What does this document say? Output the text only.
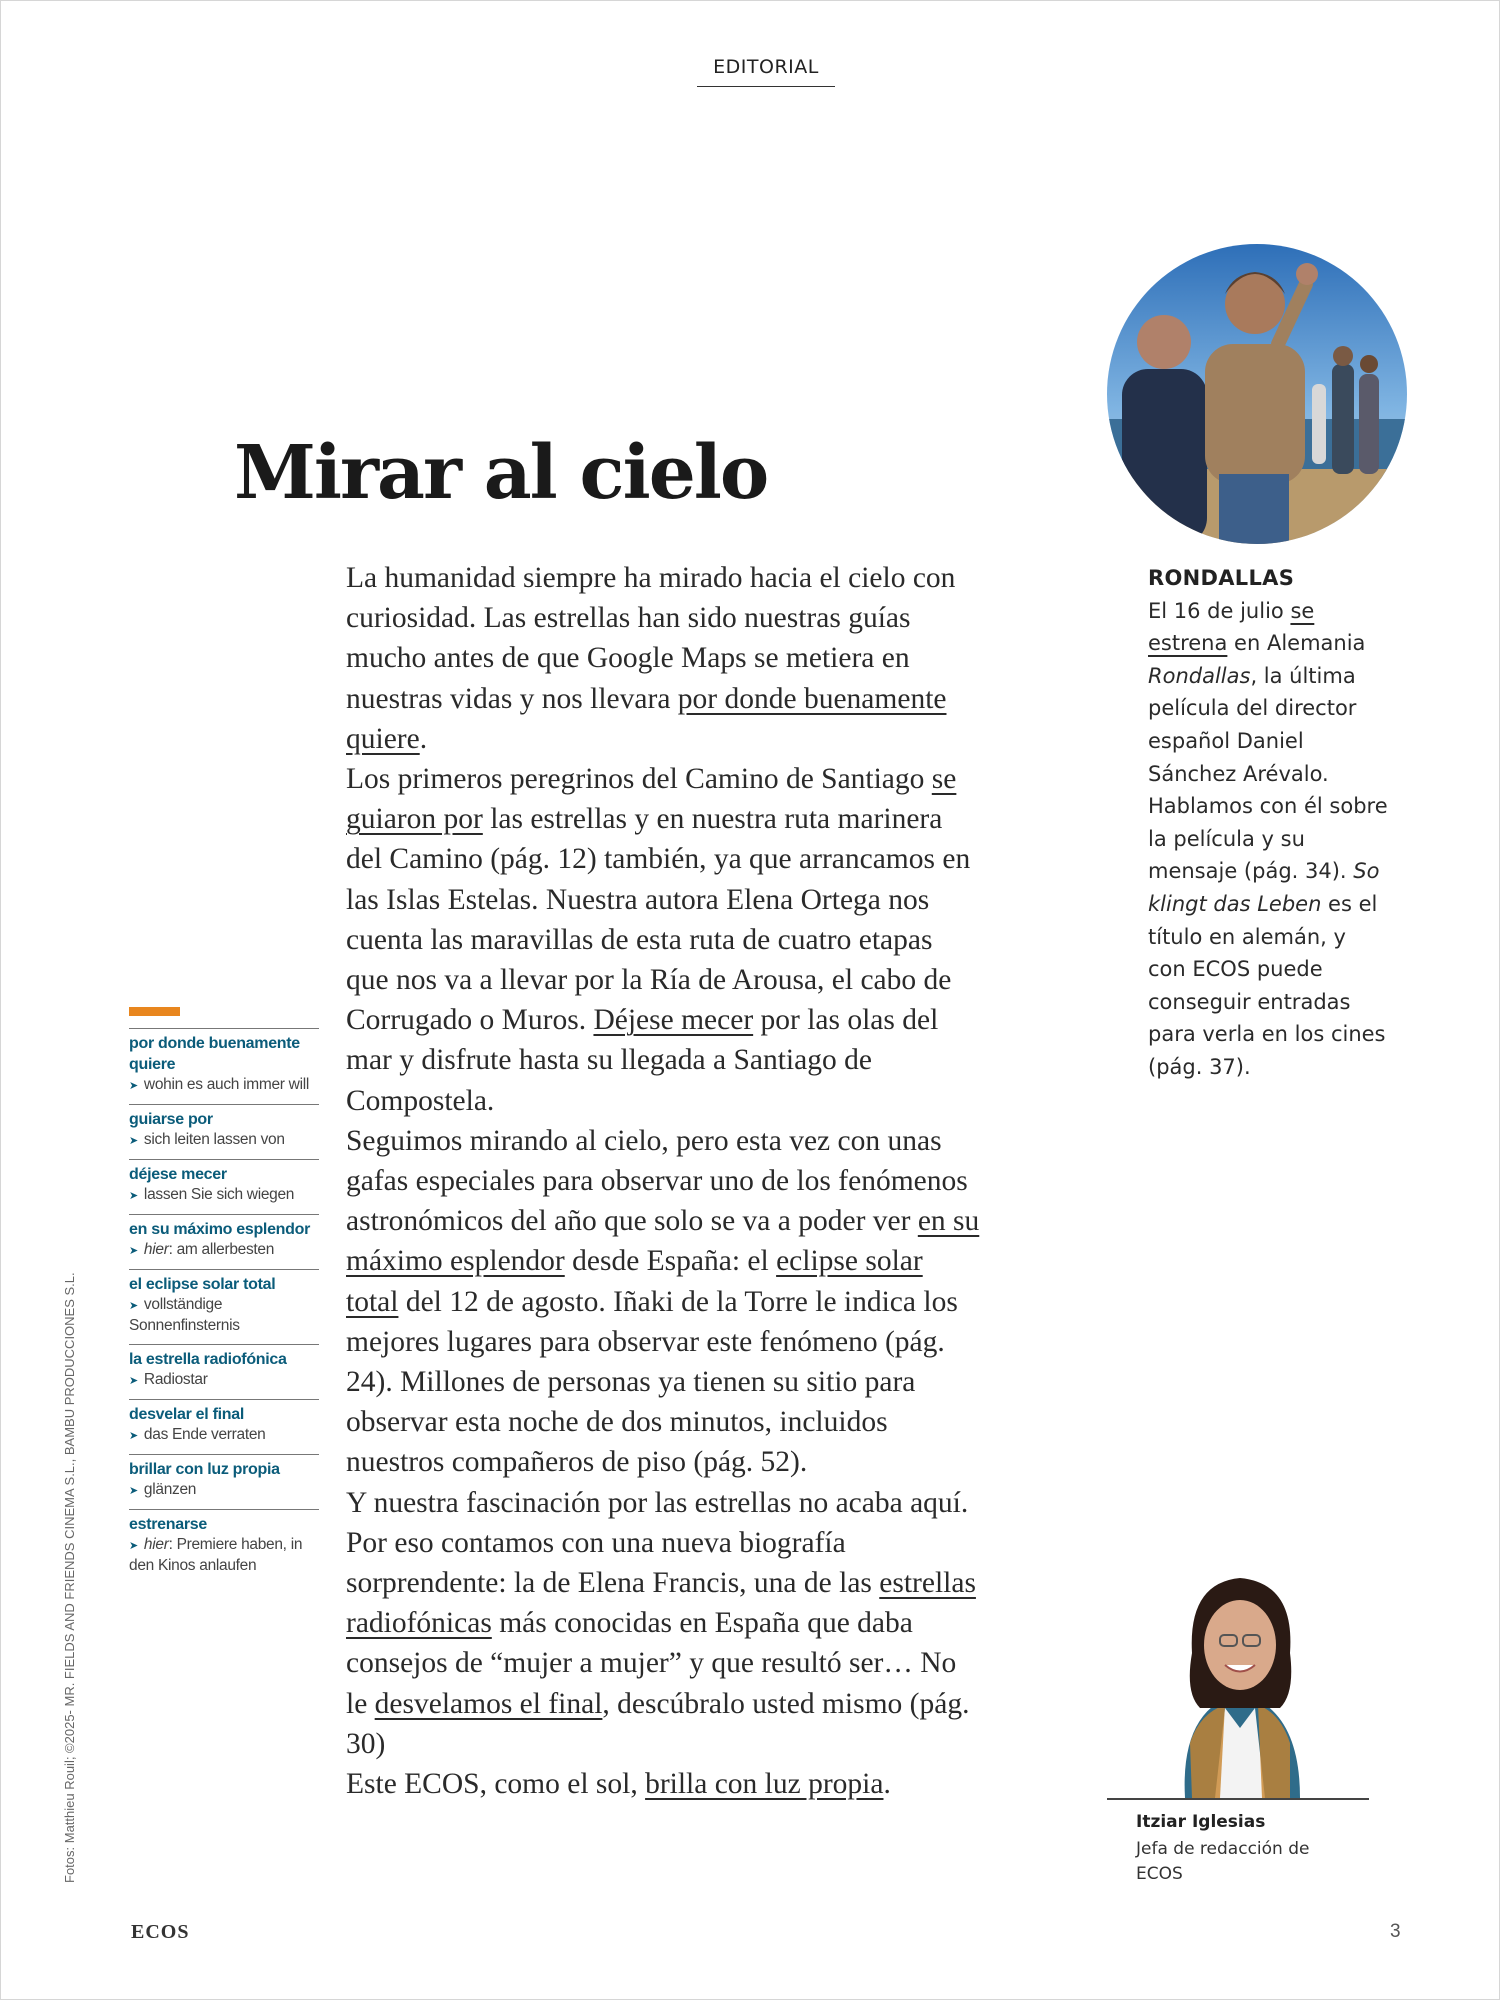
EDITORIAL
Mirar al cielo

La humanidad siempre ha mirado hacia el cielo con curiosidad. Las estrellas han sido nuestras guías mucho antes de que Google Maps se metiera en nuestras vidas y nos llevara por donde buenamente quiere.

Los primeros peregrinos del Camino de Santiago se guiaron por las estrellas y en nuestra ruta marinera del Camino (pág. 12) también, ya que arrancamos en las Islas Estelas. Nuestra autora Elena Ortega nos cuenta las maravillas de esta ruta de cuatro etapas que nos va a llevar por la Ría de Arousa, el cabo de Corrugado o Muros. Déjese mecer por las olas del mar y disfrute hasta su llegada a Santiago de Compostela.

Seguimos mirando al cielo, pero esta vez con unas gafas especiales para observar uno de los fenómenos astronómicos del año que solo se va a poder ver en su máximo esplendor desde España: el eclipse solar total del 12 de agosto. Iñaki de la Torre le indica los mejores lugares para observar este fenómeno (pág. 24). Millones de personas ya tienen su sitio para observar esta noche de dos minutos, incluidos nuestros compañeros de piso (pág. 52).

Y nuestra fascinación por las estrellas no acaba aquí. Por eso contamos con una nueva biografía sorprendente: la de Elena Francis, una de las estrellas radiofónicas más conocidas en España que daba consejos de “mujer a mujer” y que resultó ser… No le desvelamos el final, descúbralo usted mismo (pág. 30)

Este ECOS, como el sol, brilla con luz propia.

por donde buenamente quiere
➤ wohin es auch immer will
guiarse por
➤ sich leiten lassen von
déjese mecer
➤ lassen Sie sich wiegen
en su máximo esplendor
➤ hier: am allerbesten
el eclipse solar total
➤ vollständige Sonnenfinsternis
la estrella radiofónica
➤ Radiostar
desvelar el final
➤ das Ende verraten
brillar con luz propia
➤ glänzen
estrenarse
➤ hier: Premiere haben, in den Kinos anlaufen
Fotos: Matthieu Rouil; ©2025- MR. FIELDS AND FRIENDS CINEMA S.L., BAMBU PRODUCCIONES S.L.
RONDALLAS
El 16 de julio se estrena en Alemania Rondallas, la última película del director español Daniel Sánchez Arévalo. Hablamos con él sobre la película y su mensaje (pág. 34). So klingt das Leben es el título en alemán, y con ECOS puede conseguir entradas para verla en los cines (pág. 37).
Itziar Iglesias
Jefa de redacción de ECOS
ECOS	3
